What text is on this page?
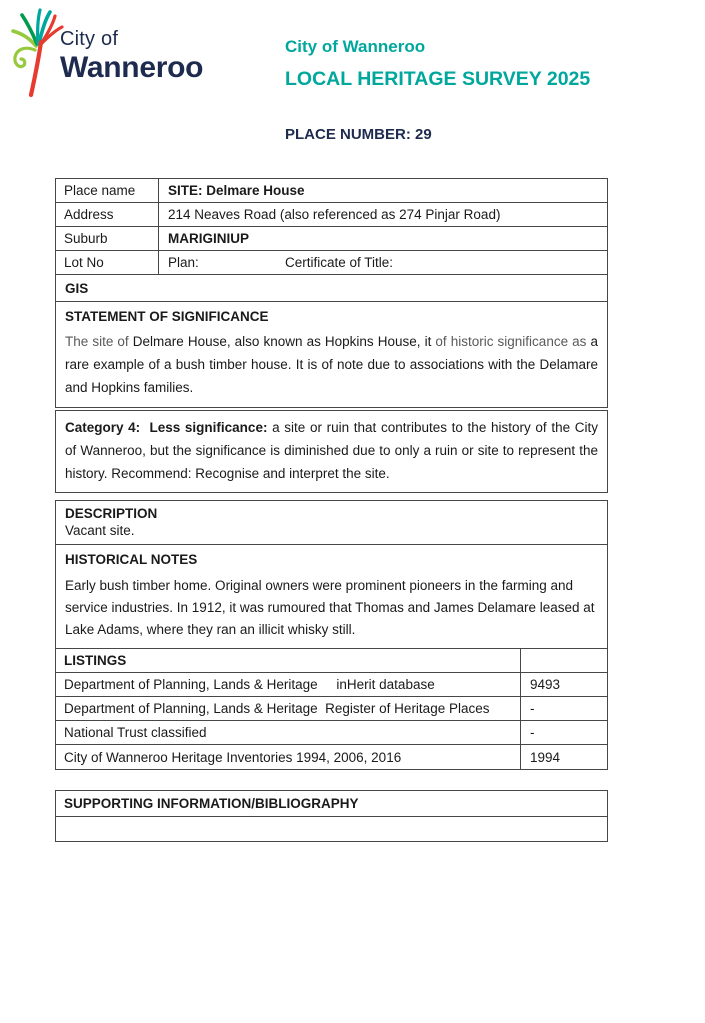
City of
Wanneroo
City of Wanneroo
LOCAL HERITAGE SURVEY 2025
PLACE NUMBER: 29
Place name	SITE: Delmare House
Address	214 Neaves Road (also referenced as 274 Pinjar Road)
Suburb	MARIGINIUP
Lot No	Plan:	Certificate of Title:
GIS
STATEMENT OF SIGNIFICANCE
The site of Delmare House, also known as Hopkins House, it of historic significance as a rare example of a bush timber house. It is of note due to associations with the Delamare and Hopkins families.
Category 4:  Less significance: a site or ruin that contributes to the history of the City of Wanneroo, but the significance is diminished due to only a ruin or site to represent the history. Recommend: Recognise and interpret the site.
DESCRIPTION
Vacant site.
HISTORICAL NOTES
Early bush timber home. Original owners were prominent pioneers in the farming and service industries. In 1912, it was rumoured that Thomas and James Delamare leased at Lake Adams, where they ran an illicit whisky still.
LISTINGS
Department of Planning, Lands & Heritage     inHerit database	9493
Department of Planning, Lands & Heritage  Register of Heritage Places	-
National Trust classified	-
City of Wanneroo Heritage Inventories 1994, 2006, 2016	1994
SUPPORTING INFORMATION/BIBLIOGRAPHY
